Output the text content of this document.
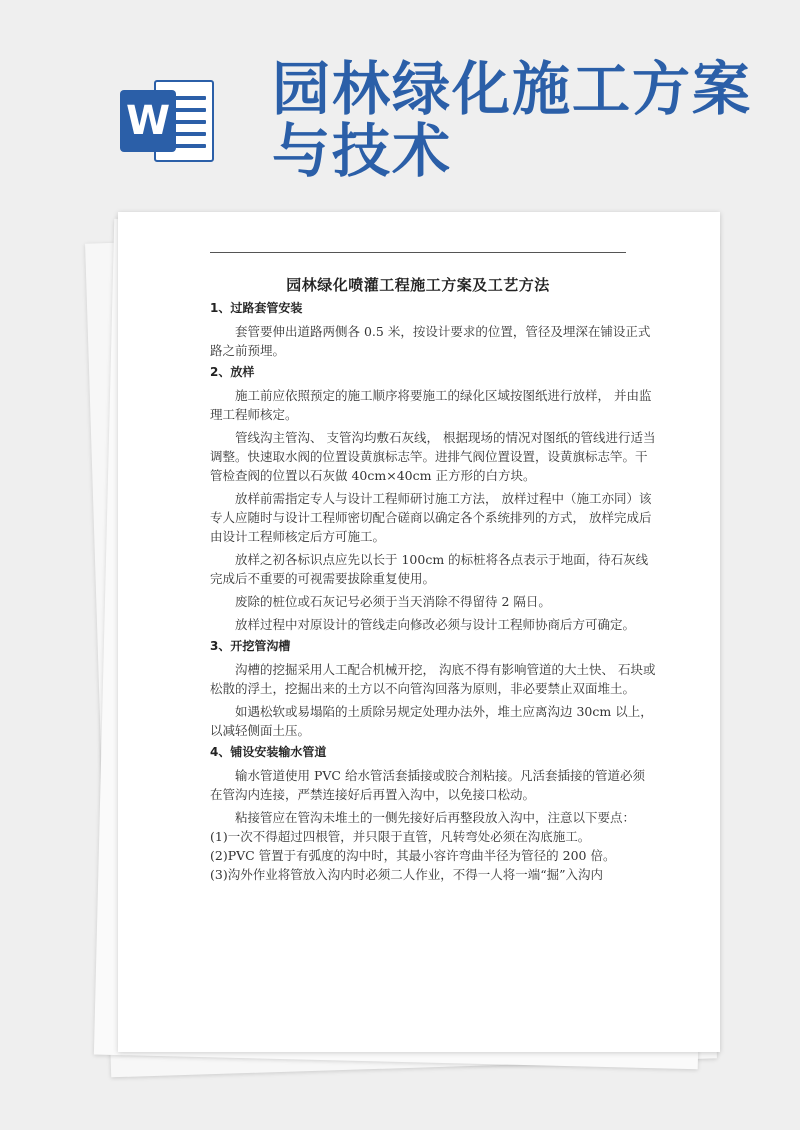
W 园林绿化施工方案与技术
园林绿化喷灌工程施工方案及工艺方法
1、过路套管安装
套管要伸出道路两侧各 0.5 米，按设计要求的位置，管径及埋深在铺设正式
路之前预埋。
2、放样
施工前应依照预定的施工顺序将要施工的绿化区域按图纸进行放样， 并由监
理工程师核定。
管线沟主管沟、 支管沟均敷石灰线， 根据现场的情况对图纸的管线进行适当
调整。快速取水阀的位置设黄旗标志竿。进排气阀位置设置，设黄旗标志竿。干
管检查阀的位置以石灰做 40cm×40cm 正方形的白方块。
放样前需指定专人与设计工程师研讨施工方法， 放样过程中（施工亦同）该
专人应随时与设计工程师密切配合磋商以确定各个系统排列的方式， 放样完成后
由设计工程师核定后方可施工。
放样之初各标识点应先以长于 100cm 的标桩将各点表示于地面，待石灰线
完成后不重要的可视需要拔除重复使用。
废除的桩位或石灰记号必须于当天消除不得留待 2 隔日。
放样过程中对原设计的管线走向修改必须与设计工程师协商后方可确定。
3、开挖管沟槽
沟槽的挖掘采用人工配合机械开挖， 沟底不得有影响管道的大土快、 石块或
松散的浮土，挖掘出来的土方以不向管沟回落为原则，非必要禁止双面堆土。
如遇松软或易塌陷的土质除另规定处理办法外，堆土应离沟边 30cm 以上，
以减轻侧面土压。
4、铺设安装输水管道
输水管道使用 PVC 给水管活套插接或胶合剂粘接。凡活套插接的管道必须
在管沟内连接，严禁连接好后再置入沟中，以免接口松动。
粘接管应在管沟未堆土的一侧先接好后再整段放入沟中，注意以下要点：
(1)一次不得超过四根管，并只限于直管，凡转弯处必须在沟底施工。
(2)PVC 管置于有弧度的沟中时，其最小容许弯曲半径为管径的 200 倍。
(3)沟外作业将管放入沟内时必须二人作业，不得一人将一端“掘”入沟内
